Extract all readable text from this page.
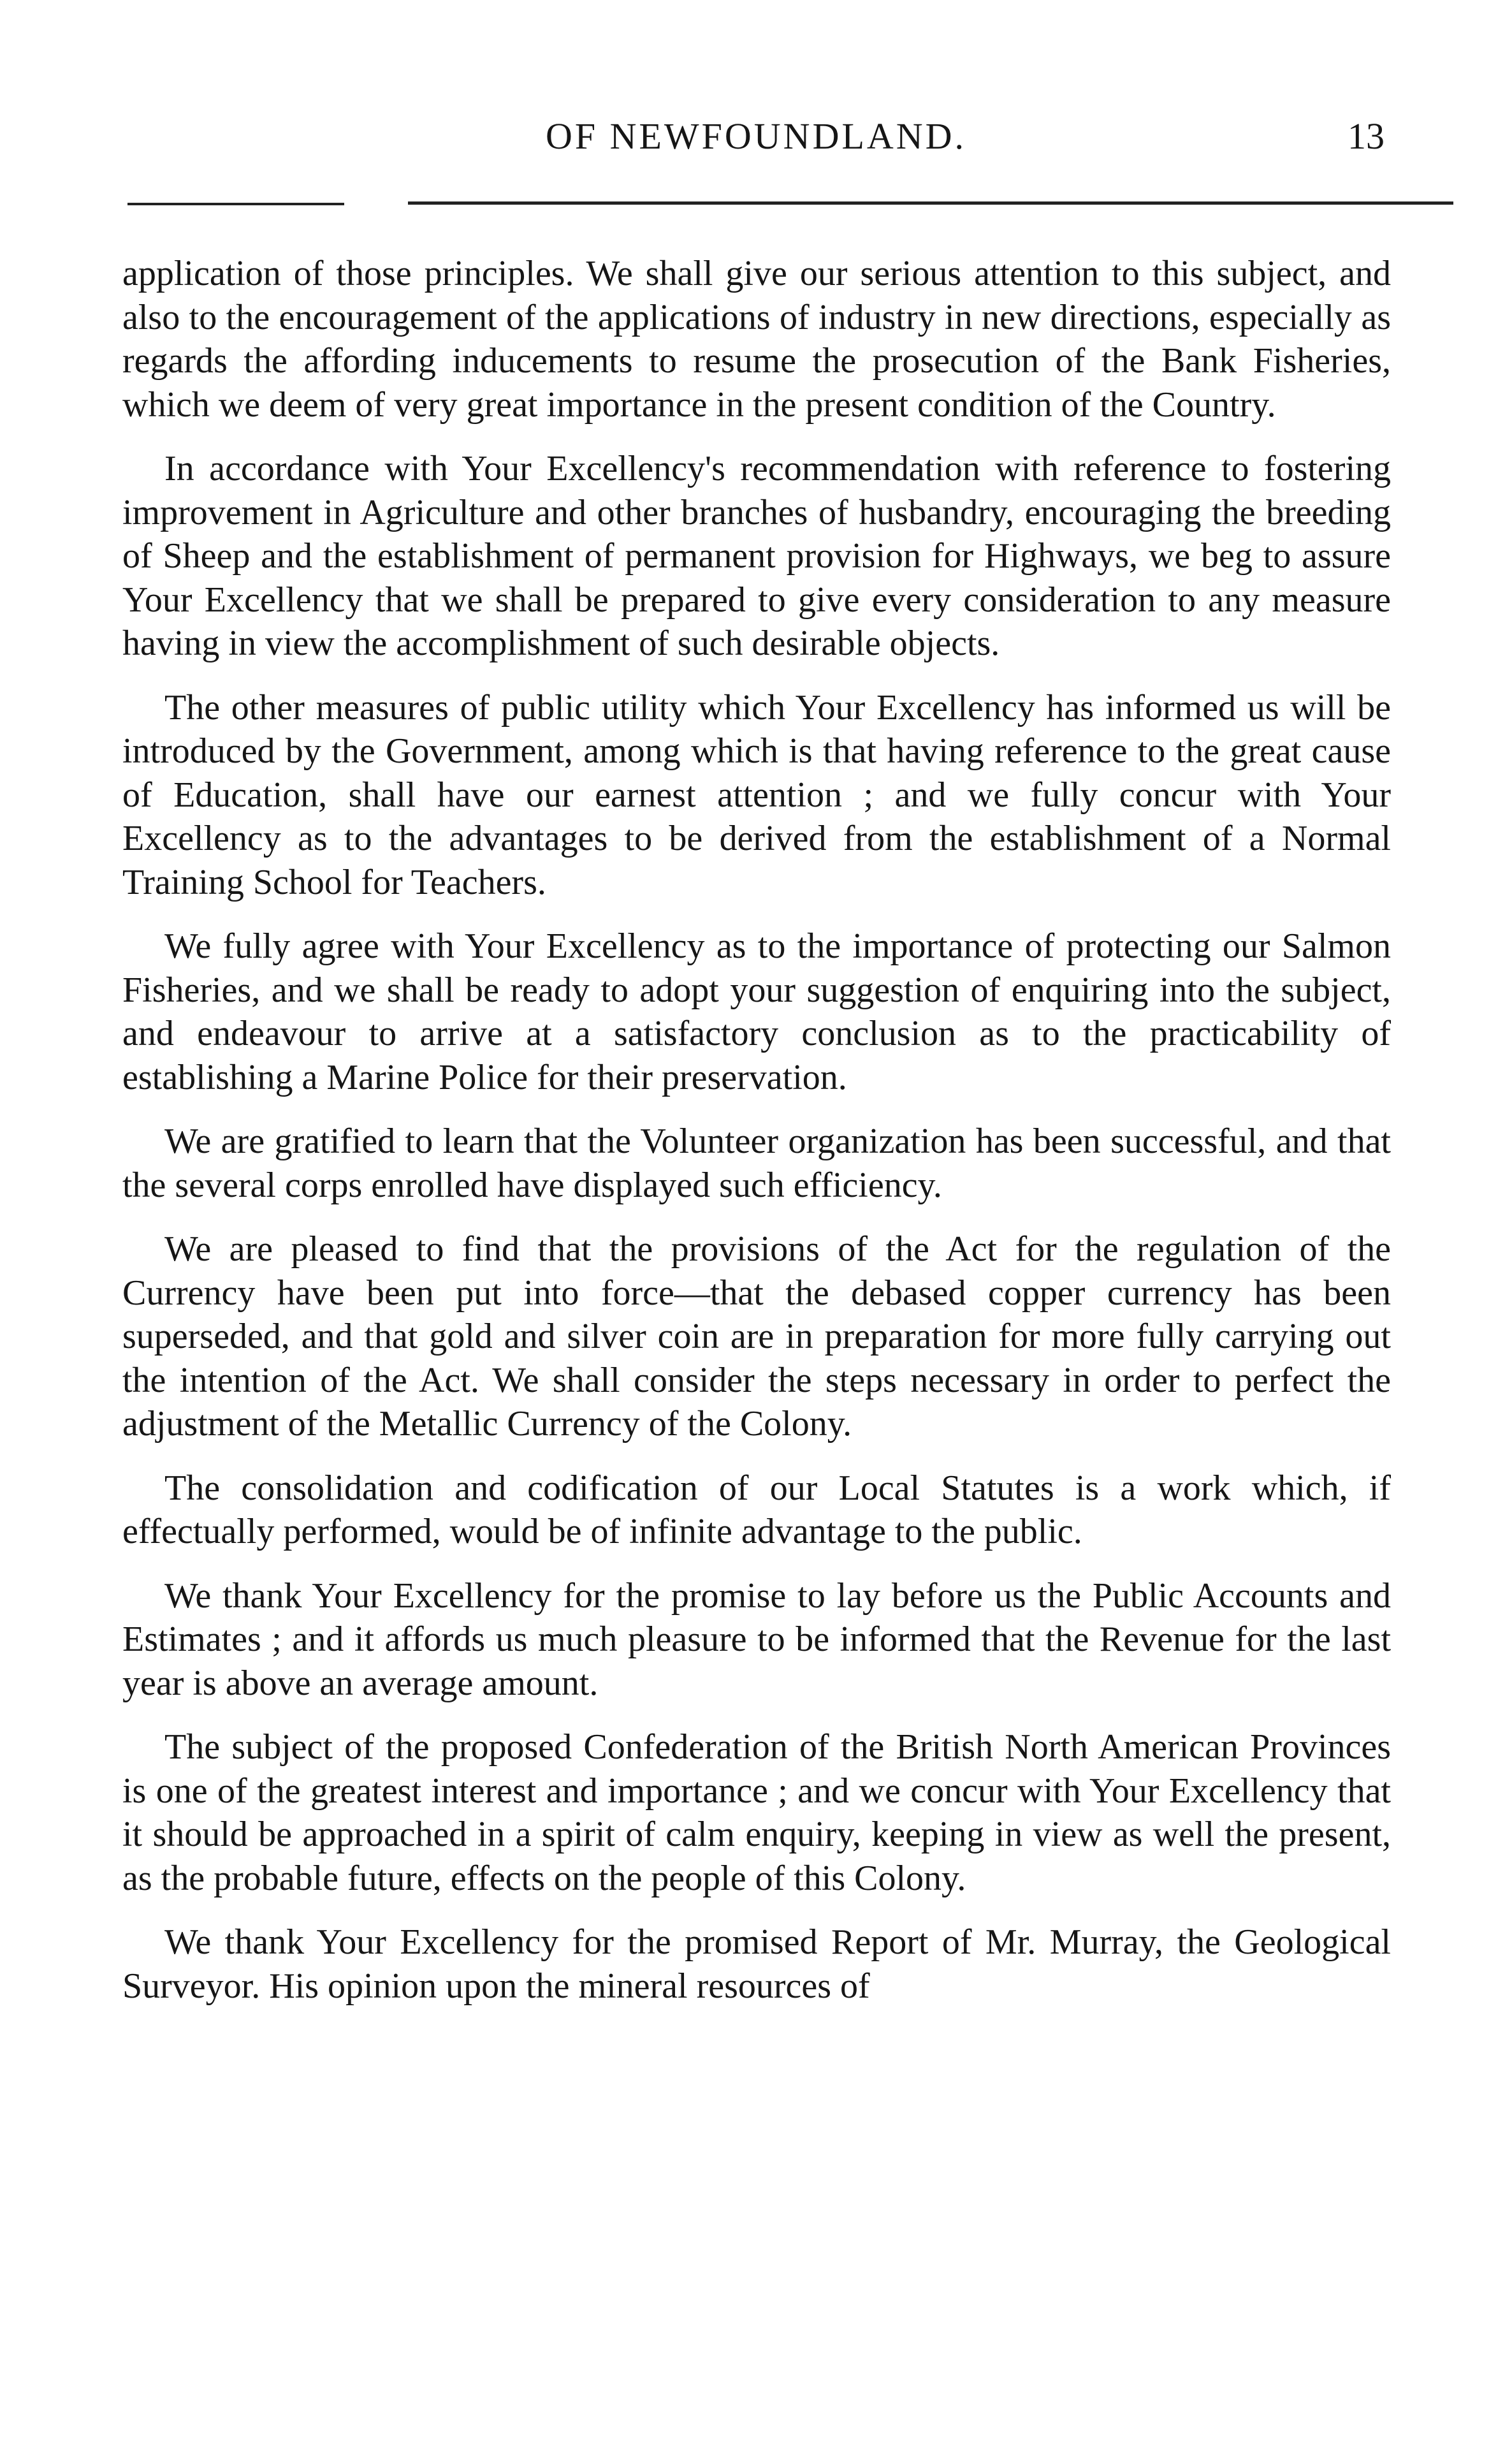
OF NEWFOUNDLAND.	13

application of those principles. We shall give our serious attention to this subject, and also to the encouragement of the applications of industry in new directions, especially as regards the affording inducements to resume the prosecution of the Bank Fisheries, which we deem of very great importance in the present condition of the Country.

In accordance with Your Excellency's recommendation with reference to fostering improvement in Agriculture and other branches of husbandry, encouraging the breeding of Sheep and the establishment of permanent provision for Highways, we beg to assure Your Excellency that we shall be prepared to give every consideration to any measure having in view the accomplishment of such desirable objects.

The other measures of public utility which Your Excellency has informed us will be introduced by the Government, among which is that having reference to the great cause of Education, shall have our earnest attention ; and we fully concur with Your Excellency as to the advantages to be derived from the establishment of a Normal Training School for Teachers.

We fully agree with Your Excellency as to the importance of protecting our Salmon Fisheries, and we shall be ready to adopt your suggestion of enquiring into the subject, and endeavour to arrive at a satisfactory conclusion as to the practicability of establishing a Marine Police for their preservation.

We are gratified to learn that the Volunteer organization has been successful, and that the several corps enrolled have displayed such efficiency.

We are pleased to find that the provisions of the Act for the regulation of the Currency have been put into force—that the debased copper currency has been superseded, and that gold and silver coin are in preparation for more fully carrying out the intention of the Act. We shall consider the steps necessary in order to perfect the adjustment of the Metallic Currency of the Colony.

The consolidation and codification of our Local Statutes is a work which, if effectually performed, would be of infinite advantage to the public.

We thank Your Excellency for the promise to lay before us the Public Accounts and Estimates ; and it affords us much pleasure to be informed that the Revenue for the last year is above an average amount.

The subject of the proposed Confederation of the British North American Provinces is one of the greatest interest and importance ; and we concur with Your Excellency that it should be approached in a spirit of calm enquiry, keeping in view as well the present, as the probable future, effects on the people of this Colony.

We thank Your Excellency for the promised Report of Mr. Murray, the Geological Surveyor. His opinion upon the mineral resources of
